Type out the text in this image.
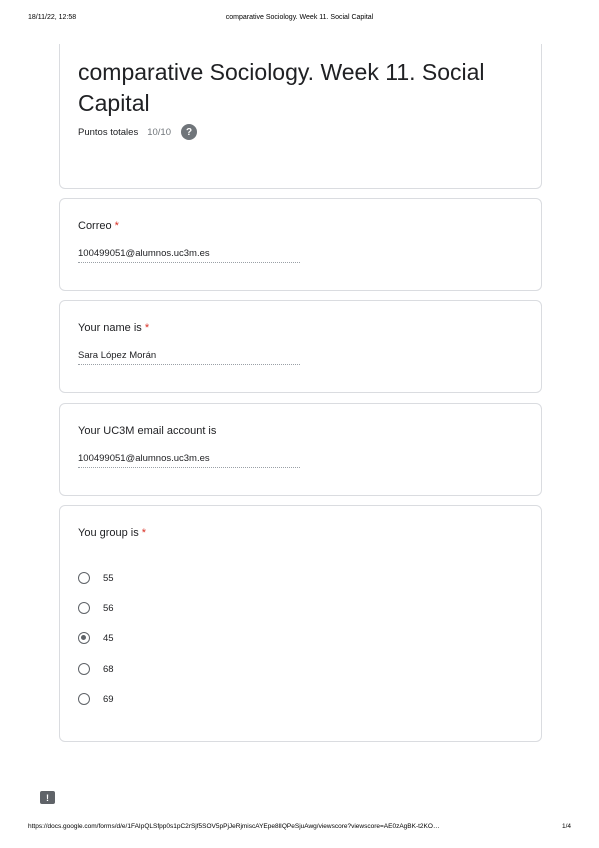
18/11/22, 12:58	comparative Sociology. Week 11. Social Capital
comparative Sociology. Week 11. Social Capital
Puntos totales 10/10	?
Correo *
100499051@alumnos.uc3m.es
Your name is *
Sara López Morán
Your UC3M email account is
100499051@alumnos.uc3m.es
You group is *
55
56
45
68
69
!
https://docs.google.com/forms/d/e/1FAIpQLSfpp0s1pC2rSjf5SOV5pPjJeRjmiscAYEpe8lIQPeSjuAwg/viewscore?viewscore=AE0zAgBK-t2KO…	1/4
